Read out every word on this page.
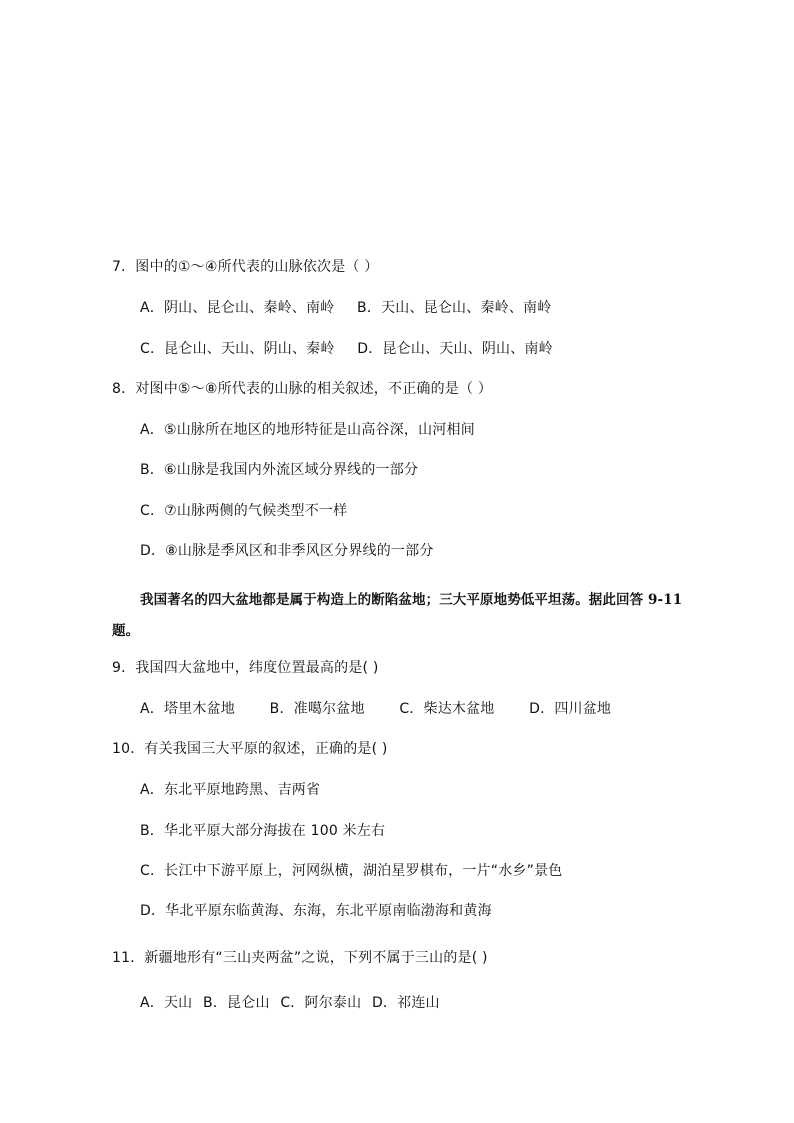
7．图中的①～④所代表的山脉依次是（ ）
A．阴山、昆仑山、秦岭、南岭 B．天山、昆仑山、秦岭、南岭
C．昆仑山、天山、阴山、秦岭 D．昆仑山、天山、阴山、南岭
8．对图中⑤～⑧所代表的山脉的相关叙述，不正确的是（ ）
A．⑤山脉所在地区的地形特征是山高谷深，山河相间
B．⑥山脉是我国内外流区域分界线的一部分
C．⑦山脉两侧的气候类型不一样
D．⑧山脉是季风区和非季风区分界线的一部分
我国著名的四大盆地都是属于构造上的断陷盆地；三大平原地势低平坦荡。据此回答 9-11
题。
9．我国四大盆地中，纬度位置最高的是( )
A．塔里木盆地 B．准噶尔盆地 C．柴达木盆地 D．四川盆地
10．有关我国三大平原的叙述，正确的是( )
A．东北平原地跨黑、吉两省
B．华北平原大部分海拔在 100 米左右
C．长江中下游平原上，河网纵横，湖泊星罗棋布，一片“水乡”景色
D．华北平原东临黄海、东海，东北平原南临渤海和黄海
11．新疆地形有“三山夹两盆”之说，下列不属于三山的是( )
A．天山 B．昆仑山 C．阿尔泰山 D．祁连山
